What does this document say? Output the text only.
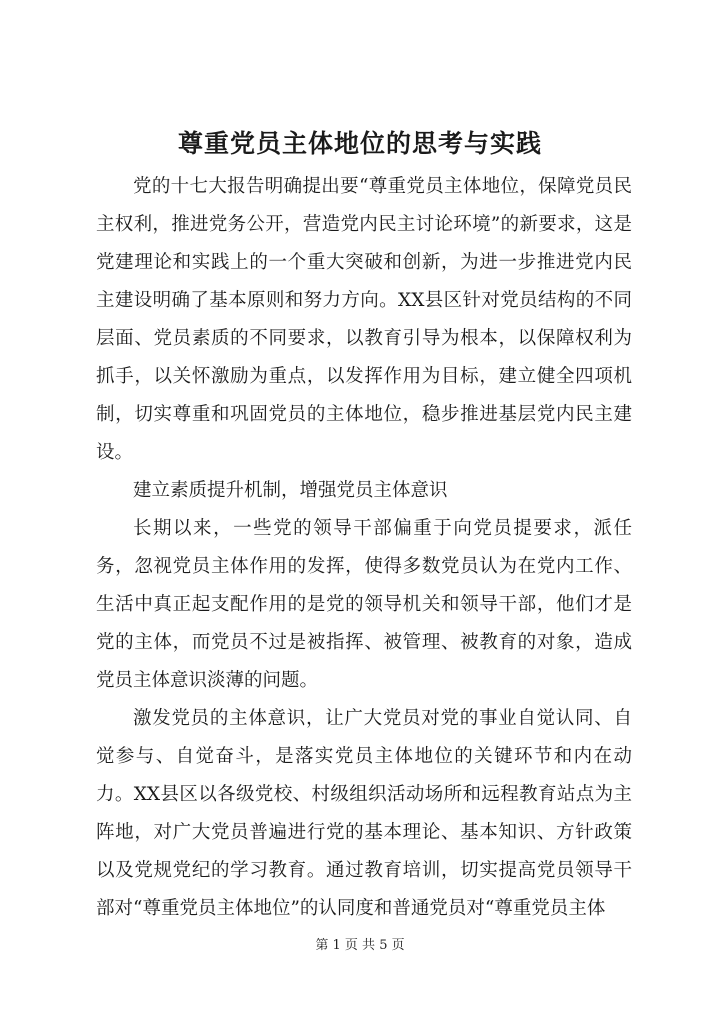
尊重党员主体地位的思考与实践

党的十七大报告明确提出要“尊重党员主体地位，保障党员民主权利，推进党务公开，营造党内民主讨论环境”的新要求，这是党建理论和实践上的一个重大突破和创新，为进一步推进党内民主建设明确了基本原则和努力方向。XX县区针对党员结构的不同层面、党员素质的不同要求，以教育引导为根本，以保障权利为抓手，以关怀激励为重点，以发挥作用为目标，建立健全四项机制，切实尊重和巩固党员的主体地位，稳步推进基层党内民主建设。

建立素质提升机制，增强党员主体意识

长期以来，一些党的领导干部偏重于向党员提要求，派任务，忽视党员主体作用的发挥，使得多数党员认为在党内工作、生活中真正起支配作用的是党的领导机关和领导干部，他们才是党的主体，而党员不过是被指挥、被管理、被教育的对象，造成党员主体意识淡薄的问题。

激发党员的主体意识，让广大党员对党的事业自觉认同、自觉参与、自觉奋斗，是落实党员主体地位的关键环节和内在动力。XX县区以各级党校、村级组织活动场所和远程教育站点为主阵地，对广大党员普遍进行党的基本理论、基本知识、方针政策以及党规党纪的学习教育。通过教育培训，切实提高党员领导干部对“尊重党员主体地位”的认同度和普通党员对“尊重党员主体

第 1 页 共 5 页
